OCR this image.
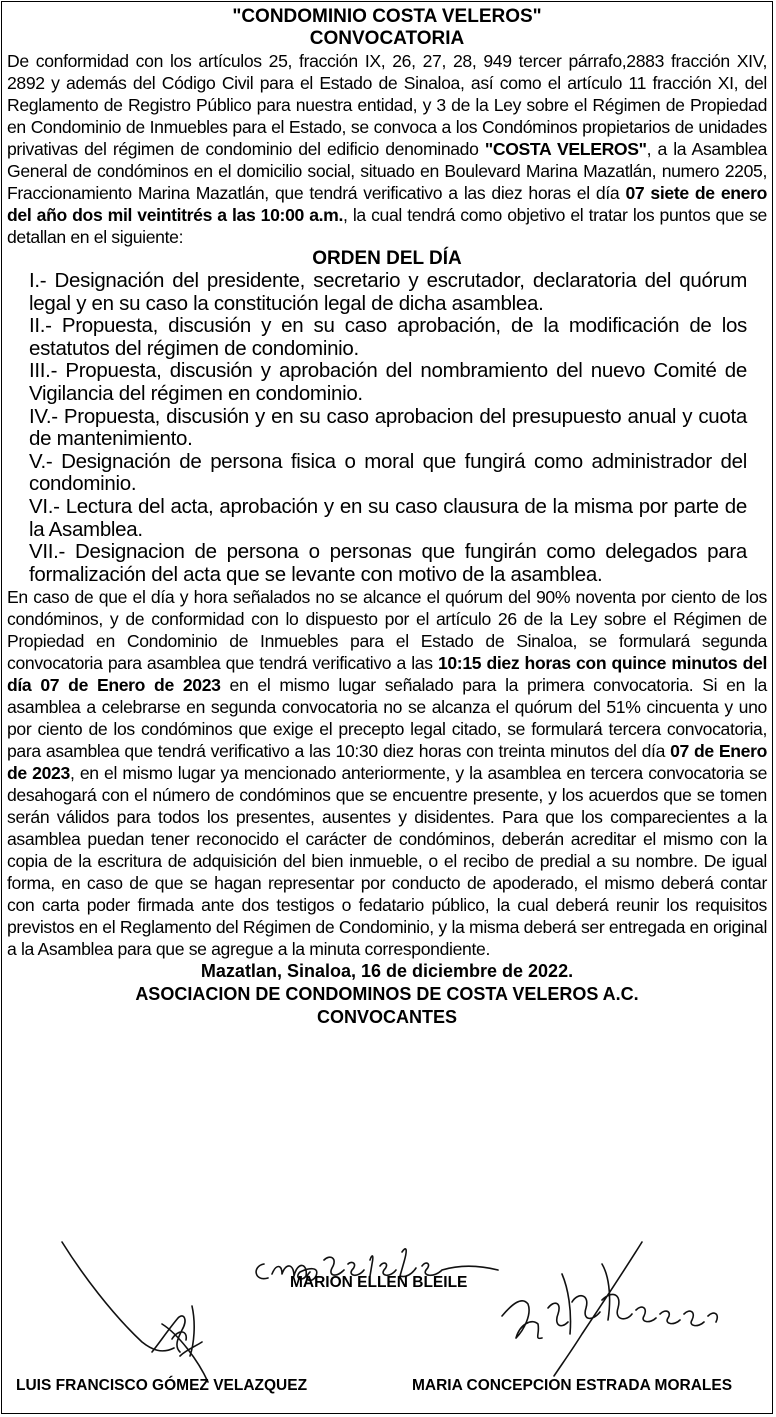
"CONDOMINIO COSTA VELEROS"

CONVOCATORIA

De conformidad con los artículos 25, fracción IX, 26, 27, 28, 949 tercer párrafo,2883 fracción XIV, 2892 y además del Código Civil para el Estado de Sinaloa, así como el artículo 11 fracción XI, del Reglamento de Registro Público para nuestra entidad, y 3 de la Ley sobre el Régimen de Propiedad en Condominio de Inmuebles para el Estado, se convoca a los Condóminos propietarios de unidades privativas del régimen de condominio del edificio denominado "COSTA VELEROS", a la Asamblea General de condóminos en el domicilio social, situado en Boulevard Marina Mazatlán, numero 2205, Fraccionamiento Marina Mazatlán, que tendrá verificativo a las diez horas el día 07 siete de enero del año dos mil veintitrés a las 10:00 a.m., la cual tendrá como objetivo el tratar los puntos que se detallan en el siguiente:

ORDEN DEL DÍA

I.- Designación del presidente, secretario y escrutador, declaratoria del quórum legal y en su caso la constitución legal de dicha asamblea.
II.- Propuesta, discusión y en su caso aprobación, de la modificación de los estatutos del régimen de condominio.
III.- Propuesta, discusión y aprobación del nombramiento del nuevo Comité de Vigilancia del régimen en condominio.
IV.- Propuesta, discusión y en su caso aprobacion del presupuesto anual y cuota de mantenimiento.
V.- Designación de persona fisica o moral que fungirá como administrador del condominio.
VI.- Lectura del acta, aprobación y en su caso clausura de la misma por parte de la Asamblea.
VII.- Designacion de persona o personas que fungirán como delegados para formalización del acta que se levante con motivo de la asamblea.

En caso de que el día y hora señalados no se alcance el quórum del 90% noventa por ciento de los condóminos, y de conformidad con lo dispuesto por el artículo 26 de la Ley sobre el Régimen de Propiedad en Condominio de Inmuebles para el Estado de Sinaloa, se formulará segunda convocatoria para asamblea que tendrá verificativo a las 10:15 diez horas con quince minutos del día 07 de Enero de 2023 en el mismo lugar señalado para la primera convocatoria. Si en la asamblea a celebrarse en segunda convocatoria no se alcanza el quórum del 51% cincuenta y uno por ciento de los condóminos que exige el precepto legal citado, se formulará tercera convocatoria, para asamblea que tendrá verificativo a las 10:30 diez horas con treinta minutos del día 07 de Enero de 2023, en el mismo lugar ya mencionado anteriormente, y la asamblea en tercera convocatoria se desahogará con el número de condóminos que se encuentre presente, y los acuerdos que se tomen serán válidos para todos los presentes, ausentes y disidentes. Para que los comparecientes a la asamblea puedan tener reconocido el carácter de condóminos, deberán acreditar el mismo con la copia de la escritura de adquisición del bien inmueble, o el recibo de predial a su nombre. De igual forma, en caso de que se hagan representar por conducto de apoderado, el mismo deberá contar con carta poder firmada ante dos testigos o fedatario público, la cual deberá reunir los requisitos previstos en el Reglamento del Régimen de Condominio, y la misma deberá ser entregada en original a la Asamblea para que se agregue a la minuta correspondiente.

Mazatlan, Sinaloa, 16 de diciembre de 2022.

ASOCIACION DE CONDOMINOS DE COSTA VELEROS A.C.

CONVOCANTES

MARION ELLEN BLEILE
LUIS FRANCISCO GÓMEZ VELAZQUEZ	MARIA CONCEPCION ESTRADA MORALES
